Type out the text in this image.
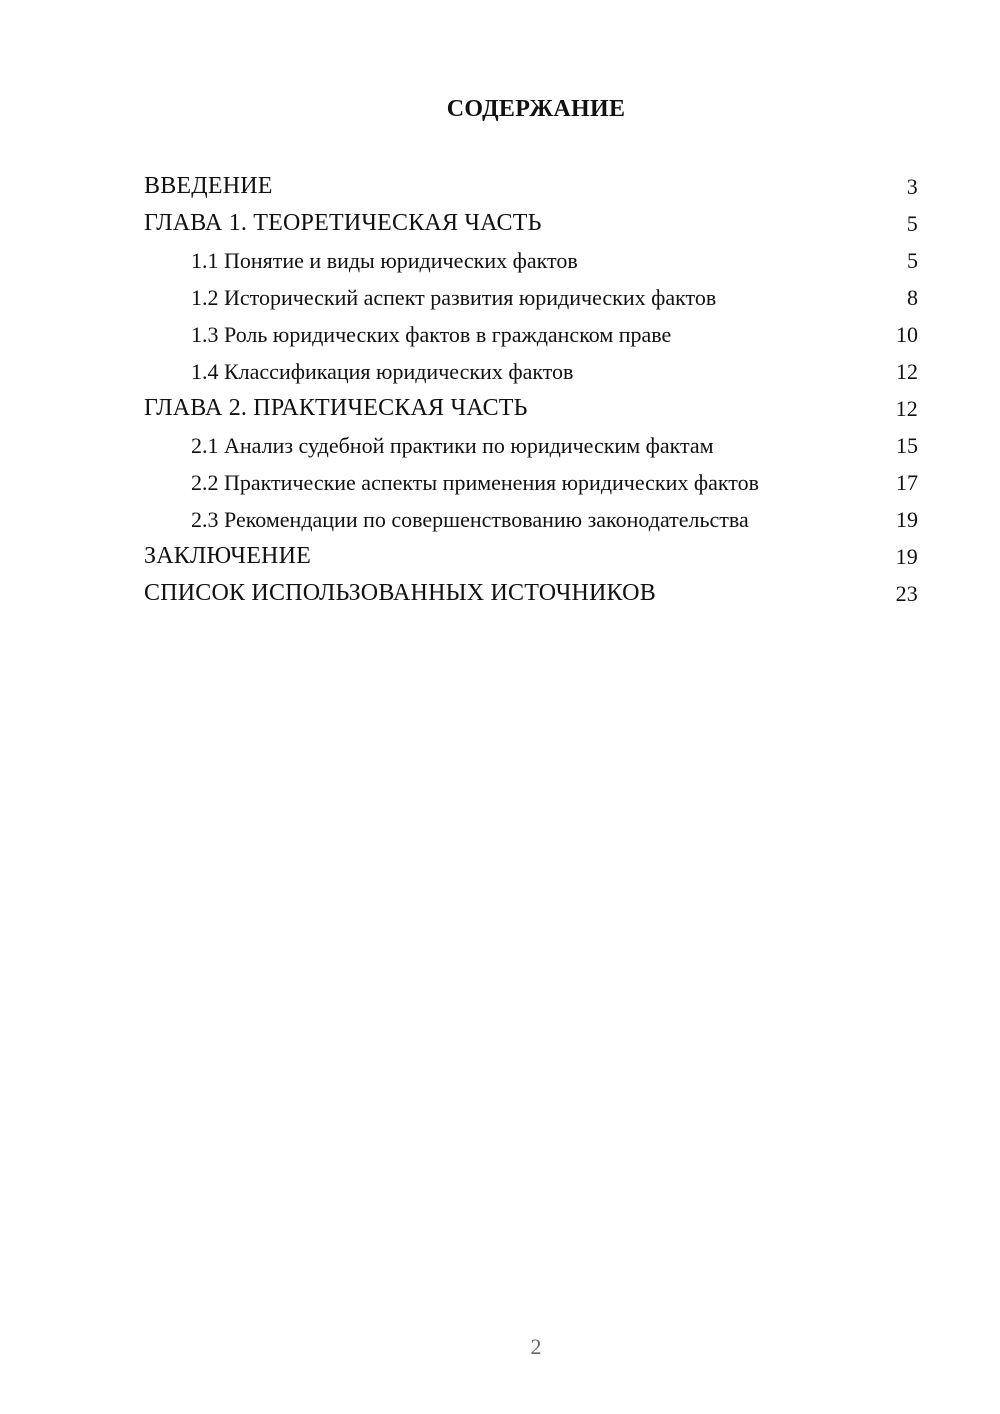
СОДЕРЖАНИЕ
ВВЕДЕНИЕ	3
ГЛАВА 1. ТЕОРЕТИЧЕСКАЯ ЧАСТЬ	5
1.1 Понятие и виды юридических фактов	5
1.2 Исторический аспект развития юридических фактов	8
1.3 Роль юридических фактов в гражданском праве	10
1.4 Классификация юридических фактов	12
ГЛАВА 2. ПРАКТИЧЕСКАЯ ЧАСТЬ	12
2.1 Анализ судебной практики по юридическим фактам	15
2.2 Практические аспекты применения юридических фактов	17
2.3 Рекомендации по совершенствованию законодательства	19
ЗАКЛЮЧЕНИЕ	19
СПИСОК ИСПОЛЬЗОВАННЫХ ИСТОЧНИКОВ	23
2
